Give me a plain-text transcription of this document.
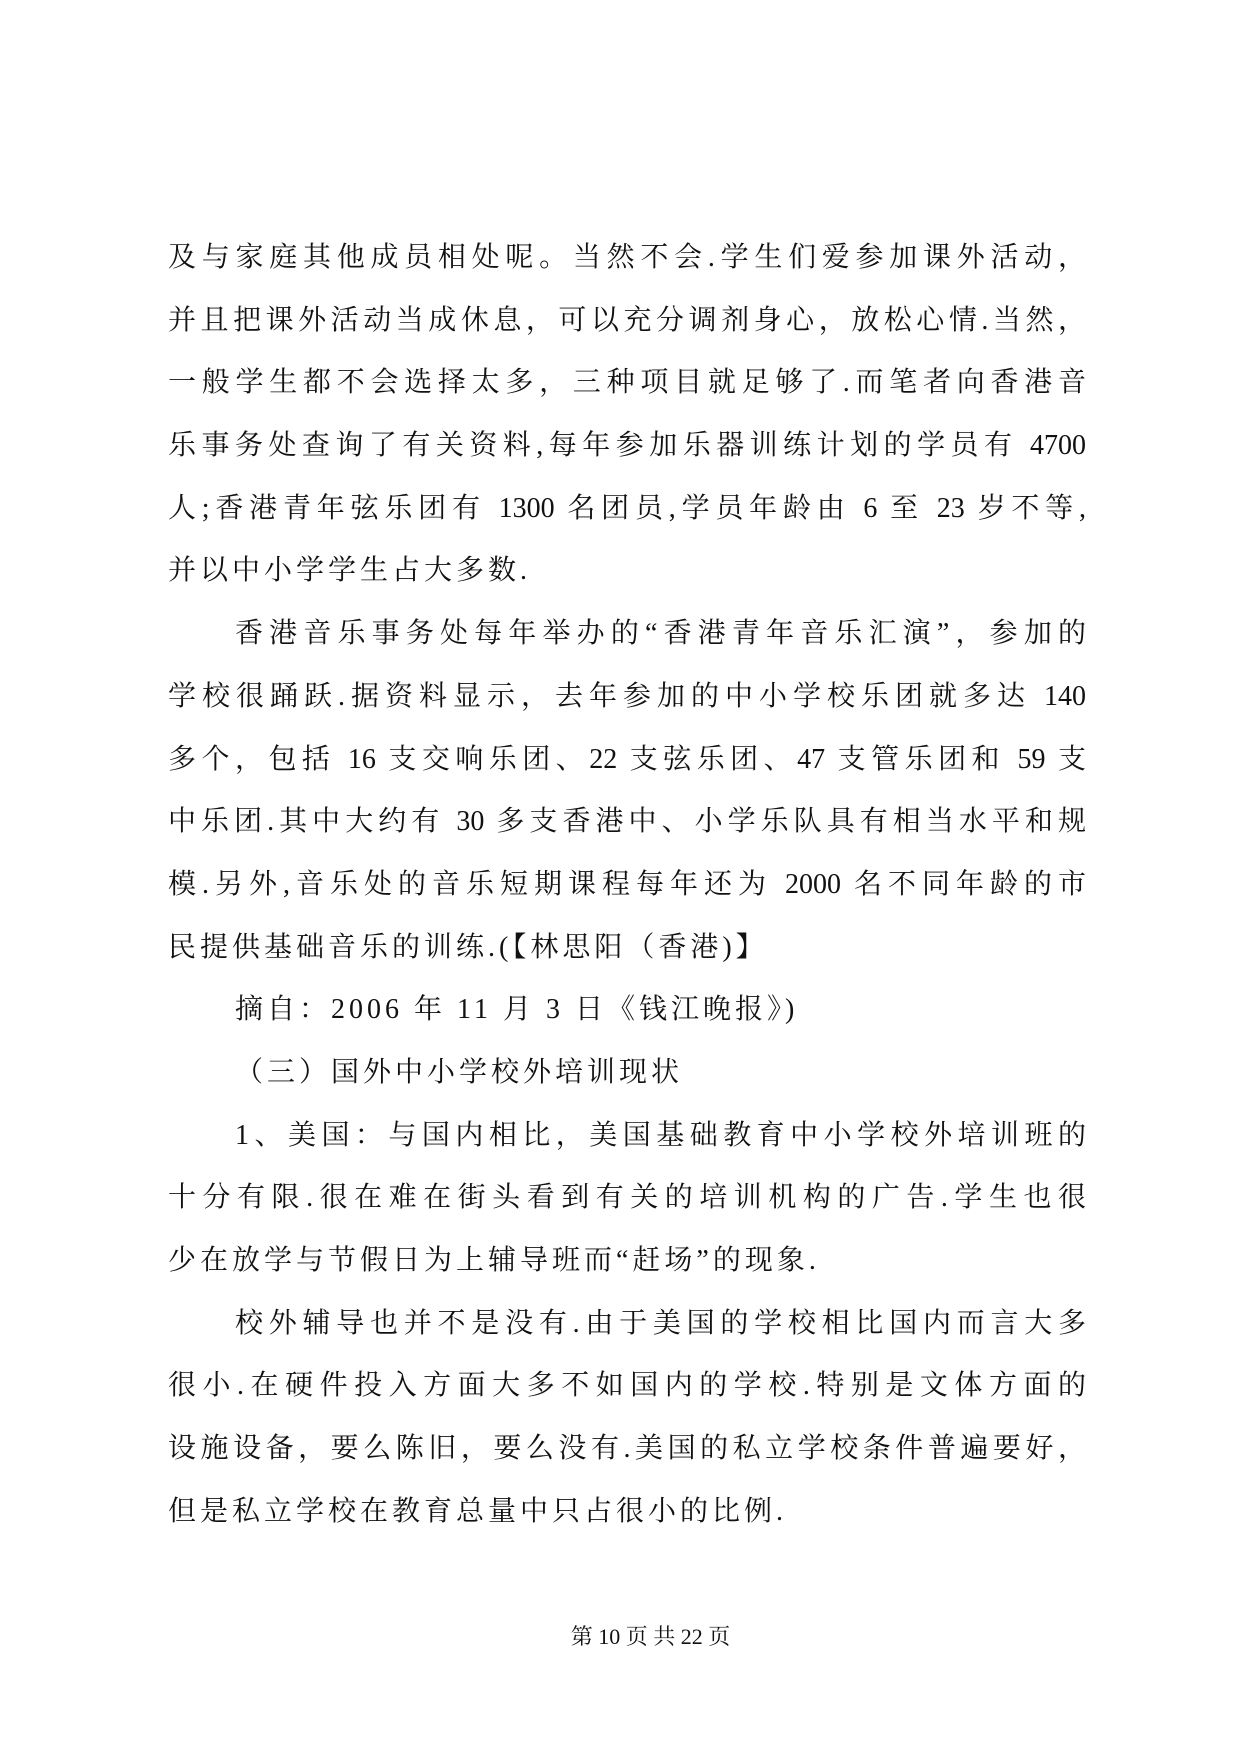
及与家庭其他成员相处呢。当然不会.学生们爱参加课外活动，
并且把课外活动当成休息，可以充分调剂身心，放松心情.当然，
一般学生都不会选择太多，三种项目就足够了.而笔者向香港音
乐事务处查询了有关资料,每年参加乐器训练计划的学员有 4700
人;香港青年弦乐团有 1300 名团员,学员年龄由 6 至 23 岁不等,
并以中小学学生占大多数.
香港音乐事务处每年举办的“香港青年音乐汇演”，参加的
学校很踊跃.据资料显示，去年参加的中小学校乐团就多达 140
多个，包括 16 支交响乐团、22 支弦乐团、47 支管乐团和 59 支
中乐团.其中大约有 30 多支香港中、小学乐队具有相当水平和规
模.另外,音乐处的音乐短期课程每年还为 2000 名不同年龄的市
民提供基础音乐的训练.(【林思阳（香港)】
摘自：2006 年 11 月 3 日《钱江晚报》)
（三）国外中小学校外培训现状
1、美国：与国内相比，美国基础教育中小学校外培训班的
十分有限.很在难在街头看到有关的培训机构的广告.学生也很
少在放学与节假日为上辅导班而“赶场”的现象.
校外辅导也并不是没有.由于美国的学校相比国内而言大多
很小.在硬件投入方面大多不如国内的学校.特别是文体方面的
设施设备，要么陈旧，要么没有.美国的私立学校条件普遍要好，
但是私立学校在教育总量中只占很小的比例.
第 10 页 共 22 页
